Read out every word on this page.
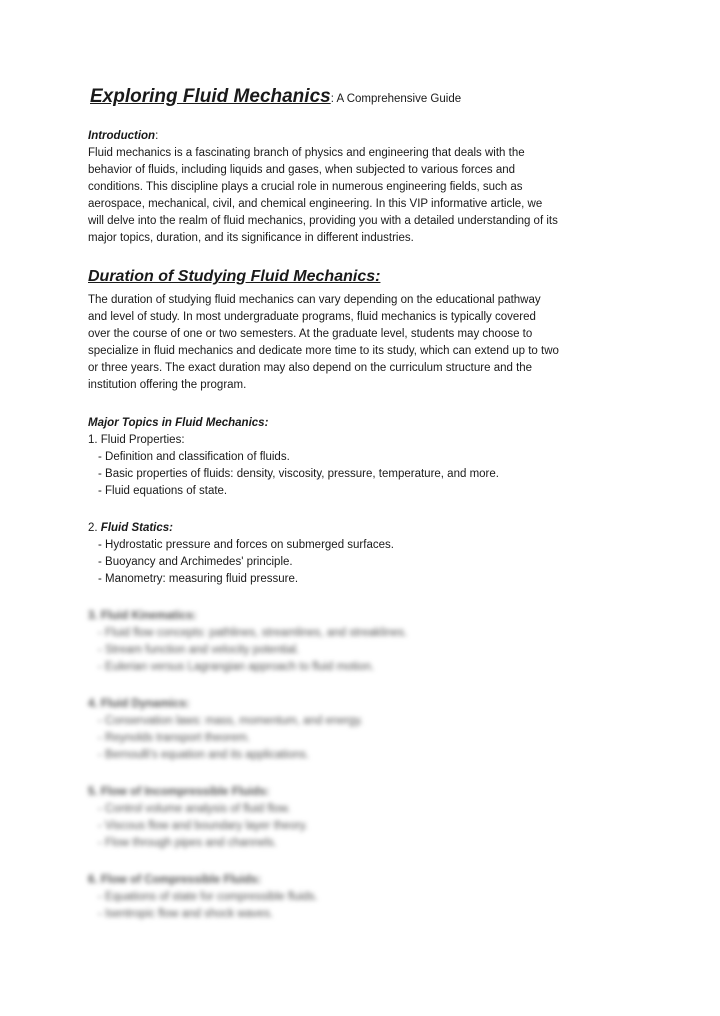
Exploring Fluid Mechanics: A Comprehensive Guide
Introduction:
Fluid mechanics is a fascinating branch of physics and engineering that deals with the
behavior of fluids, including liquids and gases, when subjected to various forces and
conditions. This discipline plays a crucial role in numerous engineering fields, such as
aerospace, mechanical, civil, and chemical engineering. In this VIP informative article, we
will delve into the realm of fluid mechanics, providing you with a detailed understanding of its
major topics, duration, and its significance in different industries.
Duration of Studying Fluid Mechanics:
The duration of studying fluid mechanics can vary depending on the educational pathway
and level of study. In most undergraduate programs, fluid mechanics is typically covered
over the course of one or two semesters. At the graduate level, students may choose to
specialize in fluid mechanics and dedicate more time to its study, which can extend up to two
or three years. The exact duration may also depend on the curriculum structure and the
institution offering the program.
Major Topics in Fluid Mechanics:
1. Fluid Properties:
- Definition and classification of fluids.
- Basic properties of fluids: density, viscosity, pressure, temperature, and more.
- Fluid equations of state.
2. Fluid Statics:
- Hydrostatic pressure and forces on submerged surfaces.
- Buoyancy and Archimedes' principle.
- Manometry: measuring fluid pressure.
3. Fluid Kinematics:
- Fluid flow concepts: pathlines, streamlines, and streaklines.
- Stream function and velocity potential.
- Eulerian versus Lagrangian approach to fluid motion.
4. Fluid Dynamics:
- Conservation laws: mass, momentum, and energy.
- Reynolds transport theorem.
- Bernoulli's equation and its applications.
5. Flow of Incompressible Fluids:
- Control volume analysis of fluid flow.
- Viscous flow and boundary layer theory.
- Flow through pipes and channels.
6. Flow of Compressible Fluids:
- Equations of state for compressible fluids.
- Isentropic flow and shock waves.
